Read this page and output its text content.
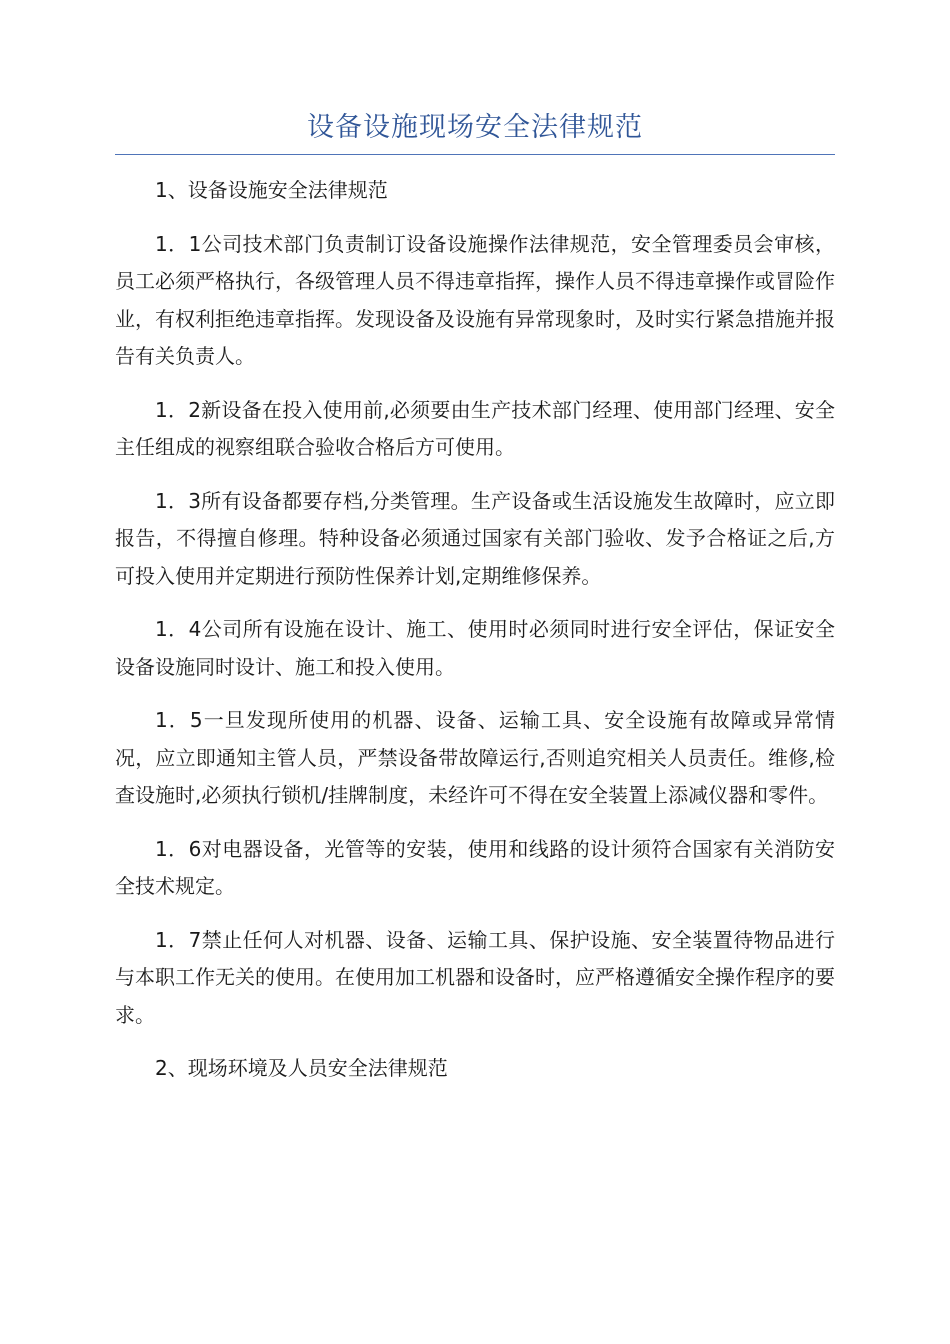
设备设施现场安全法律规范

1、设备设施安全法律规范

1．1公司技术部门负责制订设备设施操作法律规范，安全管理委员会审核，员工必须严格执行，各级管理人员不得违章指挥，操作人员不得违章操作或冒险作业，有权利拒绝违章指挥。发现设备及设施有异常现象时，及时实行紧急措施并报告有关负责人。

1．2新设备在投入使用前,必须要由生产技术部门经理、使用部门经理、安全主任组成的视察组联合验收合格后方可使用。

1．3所有设备都要存档,分类管理。生产设备或生活设施发生故障时，应立即报告，不得擅自修理。特种设备必须通过国家有关部门验收、发予合格证之后,方可投入使用并定期进行预防性保养计划,定期维修保养。

1．4公司所有设施在设计、施工、使用时必须同时进行安全评估，保证安全设备设施同时设计、施工和投入使用。

1．5一旦发现所使用的机器、设备、运输工具、安全设施有故障或异常情况，应立即通知主管人员，严禁设备带故障运行,否则追究相关人员责任。维修,检查设施时,必须执行锁机/挂牌制度，未经许可不得在安全装置上添减仪器和零件。

1．6对电器设备，光管等的安装，使用和线路的设计须符合国家有关消防安全技术规定。

1．7禁止任何人对机器、设备、运输工具、保护设施、安全装置待物品进行与本职工作无关的使用。在使用加工机器和设备时，应严格遵循安全操作程序的要求。

2、现场环境及人员安全法律规范
